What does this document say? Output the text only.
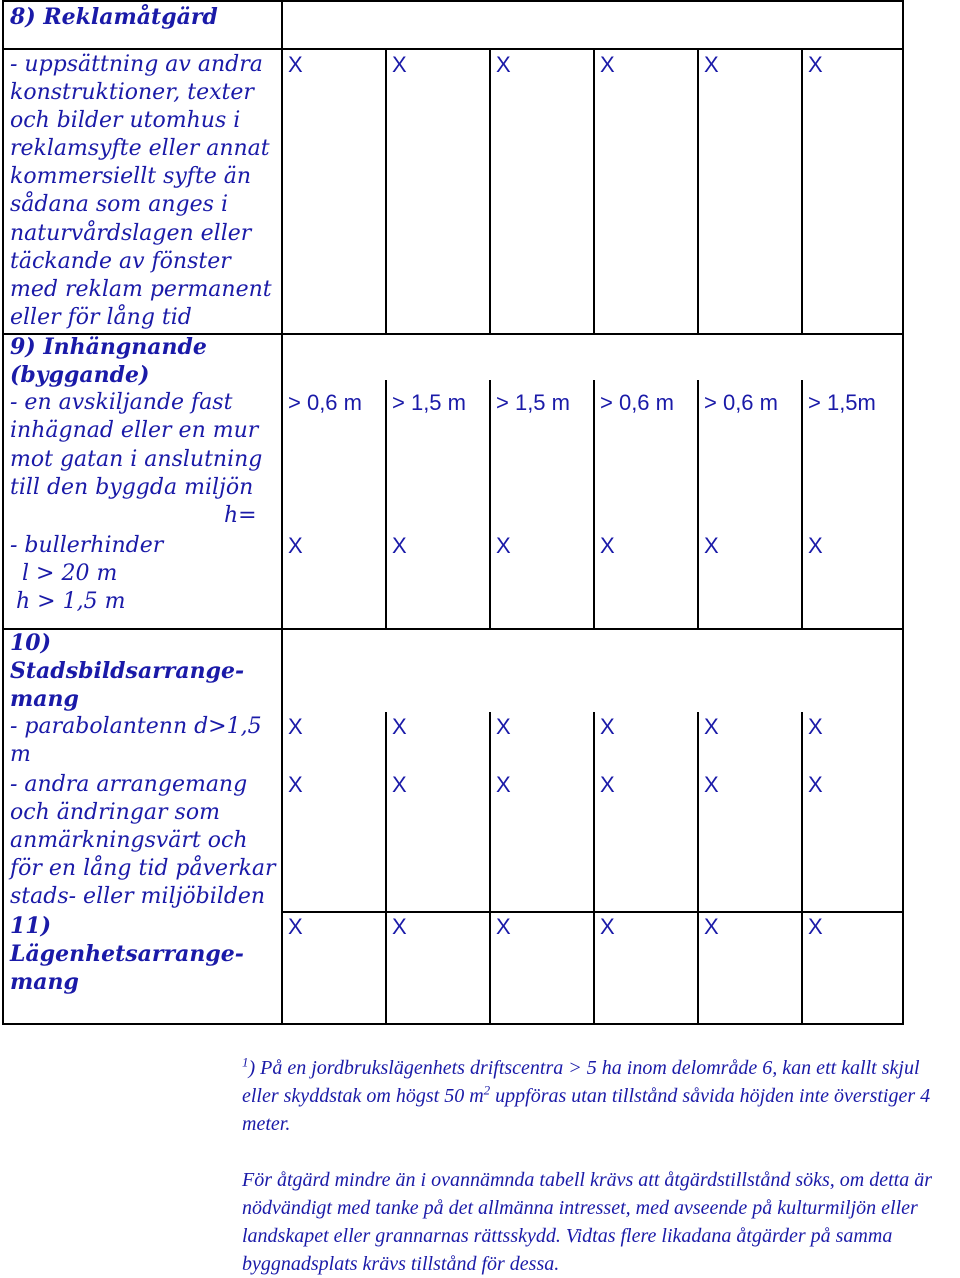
8) Reklamåtgärd
- uppsättning av andra
konstruktioner, texter
och bilder utomhus i
reklamsyfte eller annat
kommersiellt syfte än
sådana som anges i
naturvårdslagen eller
täckande av fönster
med reklam permanent
eller för lång tid
X	X	X	X	X	X
9) Inhängnande
(byggande)
- en avskiljande fast
inhägnad eller en mur
mot gatan i anslutning
till den byggda miljön
h=
> 0,6 m > 1,5 m > 1,5 m > 0,6 m > 0,6 m > 1,5m
- bullerhinder
l > 20 m
h > 1,5 m
X	X	X	X	X	X
10)
Stadsbildsarrange-
mang
- parabolantenn d>1,5
m
X	X	X	X	X	X
- andra arrangemang
och ändringar som
anmärkningsvärt och
för en lång tid påverkar
stads- eller miljöbilden
X	X	X	X	X	X
11)
Lägenhetsarrange-
mang
X	X	X	X	X	X
$^1$) På en jordbrukslägenhets driftscentra > 5 ha inom delområde 6, kan ett kallt skjul eller skyddstak om högst 50 $m^2$ uppföras utan tillstånd såvida höjden inte överstiger 4 meter.
För åtgärd mindre än i ovannämnda tabell krävs att åtgärdstillstånd söks, om detta är nödvändigt med tanke på det allmänna intresset, med avseende på kulturmiljön eller landskapet eller grannarnas rättsskydd. Vidtas flere likadana åtgärder på samma byggnadsplats krävs tillstånd för dessa.
